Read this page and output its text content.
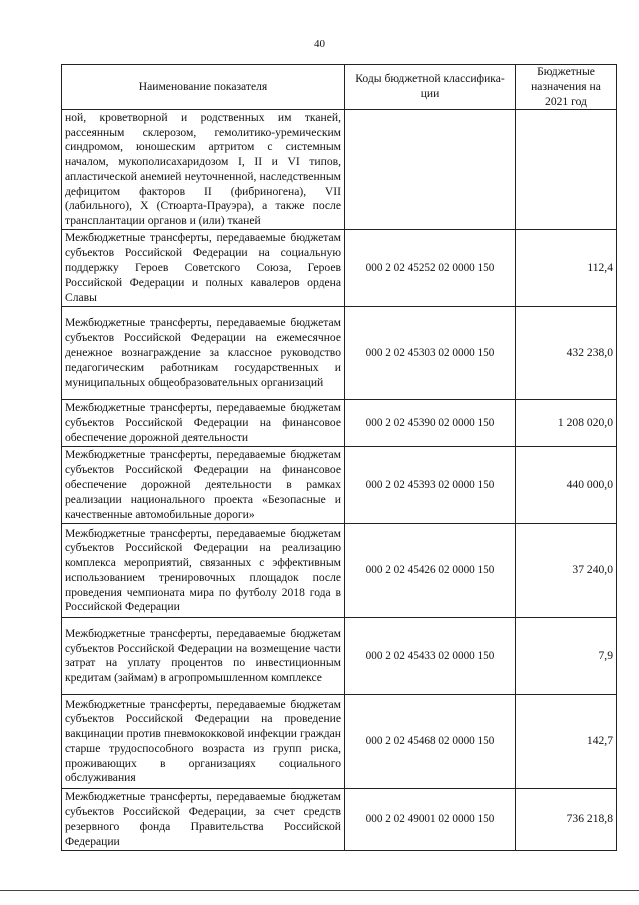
40
Наименование показателя	Коды бюджетной классифика-ции	Бюджетные назначения на 2021 год
ной, кроветворной и родственных им тканей, рассеянным склерозом, гемолитико-уремическим синдромом, юношеским артритом с системным началом, мукополисахаридозом I, II и VI типов, апластической анемией неуточненной, наследственным дефицитом факторов II (фибриногена), VII (лабильного), X (Стюарта-Прауэра), а также после трансплантации органов и (или) тканей		
Межбюджетные трансферты, передаваемые бюджетам субъектов Российской Федерации на социальную поддержку Героев Советского Союза, Героев Российской Федерации и полных кавалеров ордена Славы	000 2 02 45252 02 0000 150	112,4
Межбюджетные трансферты, передаваемые бюджетам субъектов Российской Федерации на ежемесячное денежное вознаграждение за классное руководство педагогическим работникам государственных и муниципальных общеобразовательных организаций	000 2 02 45303 02 0000 150	432 238,0
Межбюджетные трансферты, передаваемые бюджетам субъектов Российской Федерации на финансовое обеспечение дорожной деятельности	000 2 02 45390 02 0000 150	1 208 020,0
Межбюджетные трансферты, передаваемые бюджетам субъектов Российской Федерации на финансовое обеспечение дорожной деятельности в рамках реализации национального проекта «Безопасные и качественные автомобильные дороги»	000 2 02 45393 02 0000 150	440 000,0
Межбюджетные трансферты, передаваемые бюджетам субъектов Российской Федерации на реализацию комплекса мероприятий, связанных с эффективным использованием тренировочных площадок после проведения чемпионата мира по футболу 2018 года в Российской Федерации	000 2 02 45426 02 0000 150	37 240,0
Межбюджетные трансферты, передаваемые бюджетам субъектов Российской Федерации на возмещение части затрат на уплату процентов по инвестиционным кредитам (займам) в агропромышленном комплексе	000 2 02 45433 02 0000 150	7,9
Межбюджетные трансферты, передаваемые бюджетам субъектов Российской Федерации на проведение вакцинации против пневмококковой инфекции граждан старше трудоспособного возраста из групп риска, проживающих в организациях социального обслуживания	000 2 02 45468 02 0000 150	142,7
Межбюджетные трансферты, передаваемые бюджетам субъектов Российской Федерации, за счет средств резервного фонда Правительства Российской Федерации	000 2 02 49001 02 0000 150	736 218,8
